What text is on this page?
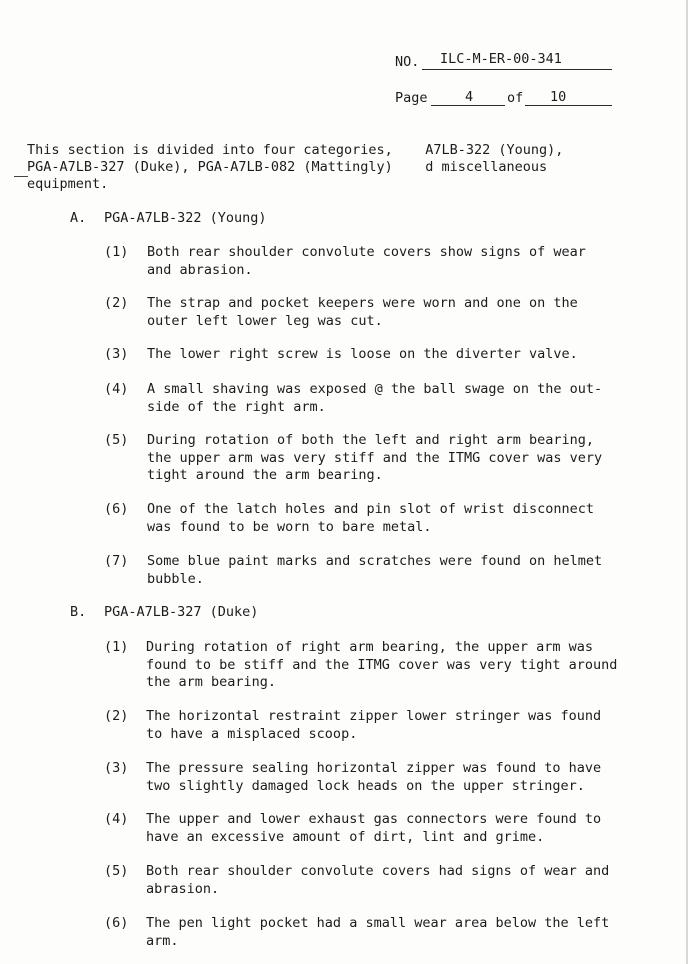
NO. ILC-M-ER-00-341
Page	4	of 10
This section is divided into four categories,    A7LB-322 (Young),
PGA-A7LB-327 (Duke), PGA-A7LB-082 (Mattingly)    d miscellaneous
equipment.
A. PGA-A7LB-322 (Young)
(1) Both rear shoulder convolute covers show signs of wear
and abrasion.
(2) The strap and pocket keepers were worn and one on the
outer left lower leg was cut.
(3) The lower right screw is loose on the diverter valve.
(4) A small shaving was exposed @ the ball swage on the out-
side of the right arm.
(5) During rotation of both the left and right arm bearing,
the upper arm was very stiff and the ITMG cover was very
tight around the arm bearing.
(6) One of the latch holes and pin slot of wrist disconnect
was found to be worn to bare metal.
(7) Some blue paint marks and scratches were found on helmet
bubble.
B. PGA-A7LB-327 (Duke)
(1) During rotation of right arm bearing, the upper arm was
found to be stiff and the ITMG cover was very tight around
the arm bearing.
(2) The horizontal restraint zipper lower stringer was found
to have a misplaced scoop.
(3) The pressure sealing horizontal zipper was found to have
two slightly damaged lock heads on the upper stringer.
(4) The upper and lower exhaust gas connectors were found to
have an excessive amount of dirt, lint and grime.
(5) Both rear shoulder convolute covers had signs of wear and
abrasion.
(6) The pen light pocket had a small wear area below the left
arm.
